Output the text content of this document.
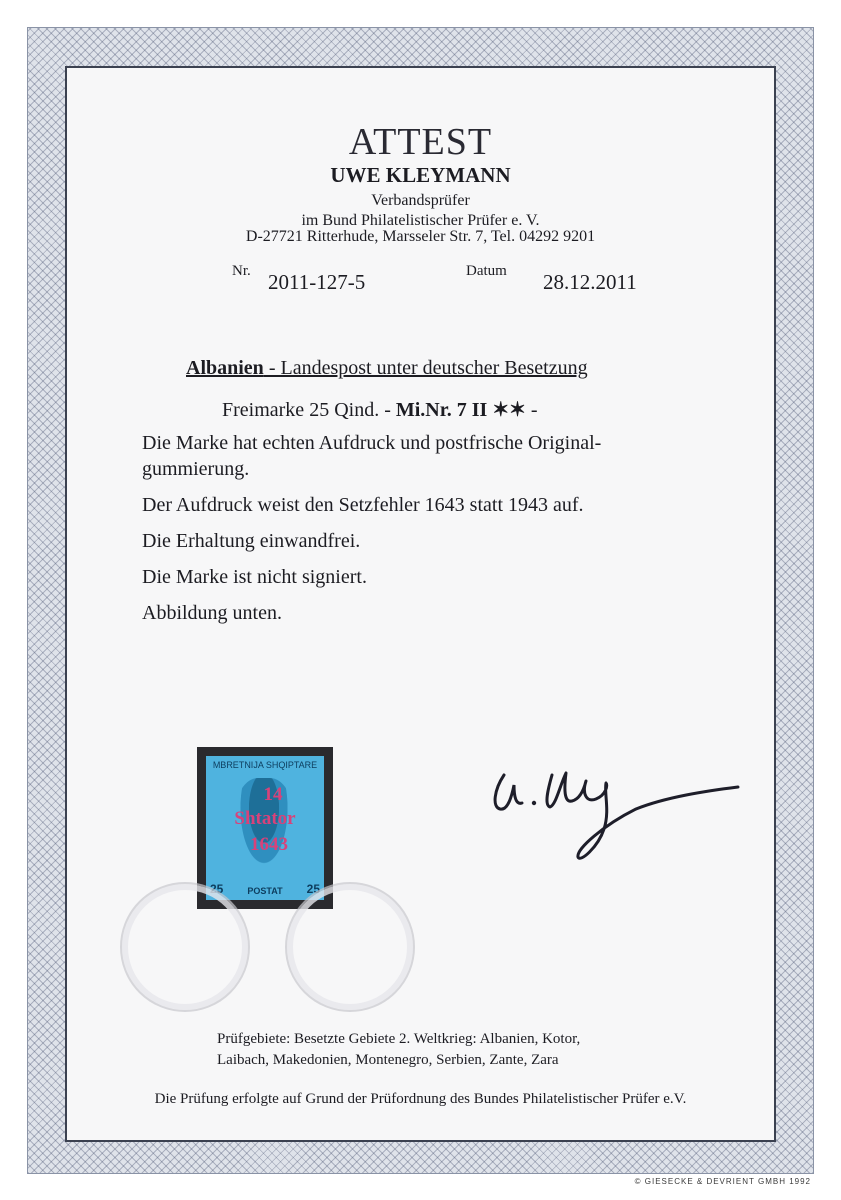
ATTEST
UWE KLEYMANN
Verbandsprüfer
im Bund Philatelistischer Prüfer e. V.
D-27721 Ritterhude, Marsseler Str. 7, Tel. 04292 9201
Nr. 2011-127-5	Datum 28.12.2011
Albanien - Landespost unter deutscher Besetzung
Freimarke 25 Qind. - Mi.Nr. 7 II ✶✶ -
Die Marke hat echten Aufdruck und postfrische Original-
gummierung.
Der Aufdruck weist den Setzfehler 1643 statt 1943 auf.
Die Erhaltung einwandfrei.
Die Marke ist nicht signiert.
Abbildung unten.
MBRETNIJA SHQIPTARE
14
Shtator
1643
25	POSTAT	25
Prüfgebiete: Besetzte Gebiete 2. Weltkrieg: Albanien, Kotor,
Laibach, Makedonien, Montenegro, Serbien, Zante, Zara
Die Prüfung erfolgte auf Grund der Prüfordnung des Bundes Philatelistischer Prüfer e.V.
© GIESECKE & DEVRIENT GMBH 1992
